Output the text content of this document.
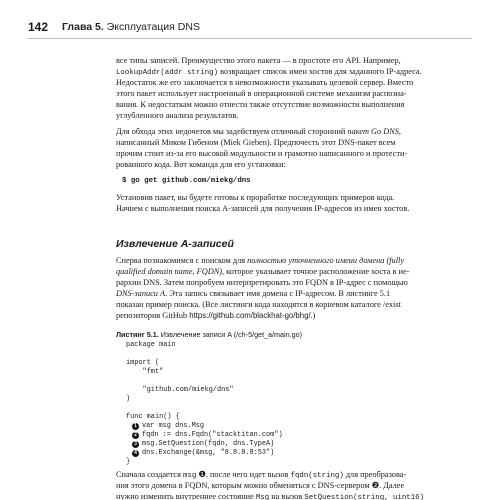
142 Глава 5. Эксплуатация DNS
все типы записей. Преимущество этого пакета — в простоте его API. Например,
LookupAddr(addr string) возвращает список имен хостов для заданного IP-адреса.
Недостаток же его заключается в невозможности указывать целевой сервер. Вместо
этого пакет использует настроенный в операционной системе механизм распозна-
вания. К недостаткам можно отнести также отсутствие возможности выполнения
углубленного анализа результатов.
Для обхода этих недочетов мы задействуем отличный сторонний пакет Go DNS,
написанный Миком Гибеном (Miek Gieben). Предпочесть этот DNS-пакет всем
прочим стоит из-за его высокой модульности и грамотно написанного и протести-
рованного кода. Вот команда для его установки:
$ go get github.com/miekg/dns
Установив пакет, вы будете готовы к проработке последующих примеров кода.
Начнем с выполнения поиска А-записей для получения IP-адресов из имен хостов.
Извлечение A-записей
Сперва познакомимся с поиском для полностью уточненного имени домена (fully
qualified domain name, FQDN), которое указывает точное расположение хоста в ие-
рархии DNS. Затем попробуем интерпретировать это FQDN в IP-адрес с помощью
DNS-записи A. Эта запись связывает имя домена с IP-адресом. В листинге 5.1
показан пример поиска. (Все листинги кода находятся в корневом каталоге /exist
репозитория GitHub https://github.com/blackhat-go/bhg/.)
Листинг 5.1. Извлечение записи A (/ch-5/get_a/main.go)
package main
import (
"fmt"
"github.com/miekg/dns"
)
func main() {
1 var msg dns.Msg
2 fqdn := dns.Fqdn("stacktitan.com")
3 msg.SetQuestion(fqdn, dns.TypeA)
4 dns.Exchange(&msg, "8.8.8.8:53")
}
Сначала создается msg ❶, после чего идет вызов fqdn(string) для преобразова-
ния этого домена в FQDN, которым можно обменяться с DNS-сервером ❷. Далее
нужно изменить внутреннее состояние Msg на вызов SetQuestion(string, uint16)
